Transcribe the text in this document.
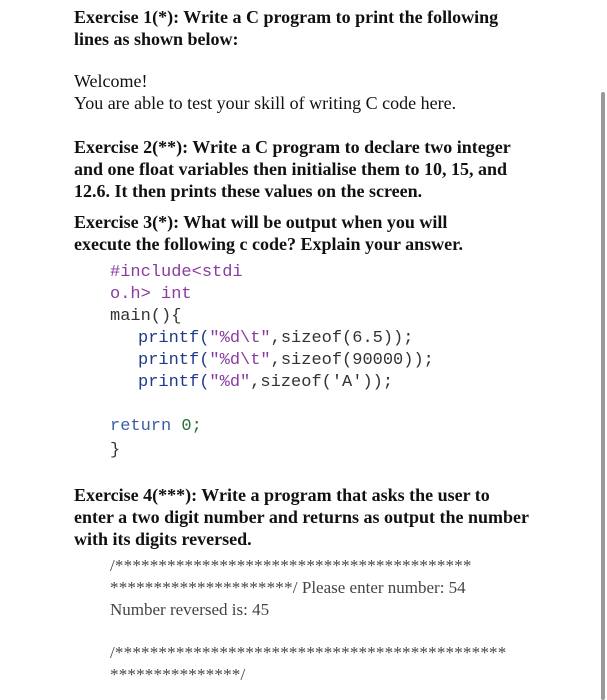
Exercise 1(*): Write a C program to print the following
lines as shown below:
Welcome!
You are able to test your skill of writing C code here.
Exercise 2(**): Write a C program to declare two integer
and one float variables then initialise them to 10, 15, and
12.6. It then prints these values on the screen.
Exercise 3(*): What will be output when you will
execute the following c code? Explain your answer.
#include<stdi
o.h> int
main(){
printf("%d\t",sizeof(6.5));
printf("%d\t",sizeof(90000));
printf("%d",sizeof('A'));
return 0;
}
Exercise 4(***): Write a program that asks the user to
enter a two digit number and returns as output the number
with its digits reversed.
/*****************************************
*********************/ Please enter number: 54
Number reversed is: 45
/*********************************************
***************/
